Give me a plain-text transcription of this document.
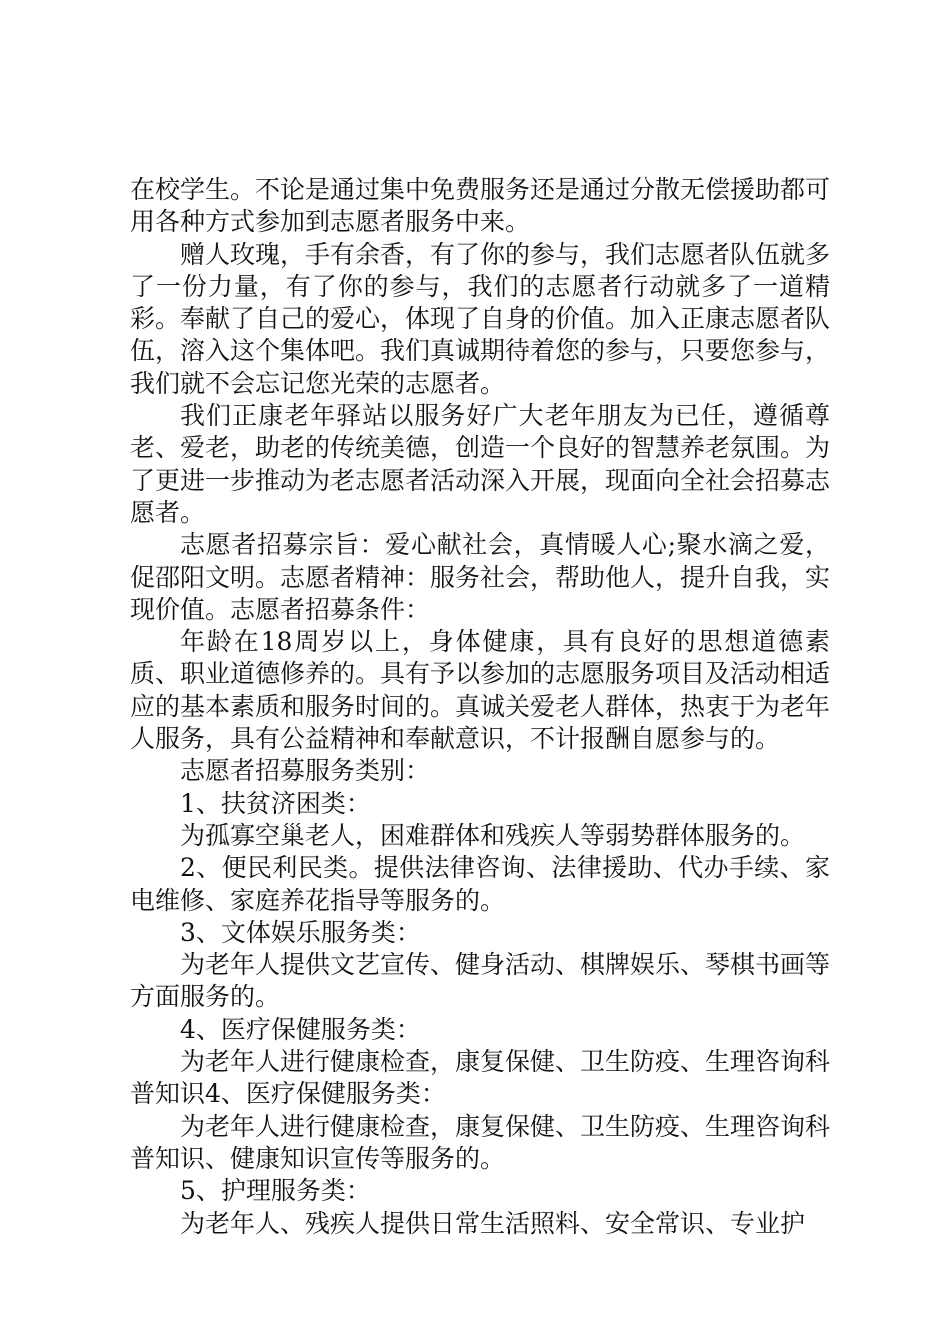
在校学生。不论是通过集中免费服务还是通过分散无偿援助都可用各种方式参加到志愿者服务中来。

赠人玫瑰，手有余香，有了你的参与，我们志愿者队伍就多了一份力量，有了你的参与，我们的志愿者行动就多了一道精彩。奉献了自己的爱心，体现了自身的价值。加入正康志愿者队伍，溶入这个集体吧。我们真诚期待着您的参与，只要您参与，我们就不会忘记您光荣的志愿者。

我们正康老年驿站以服务好广大老年朋友为已任，遵循尊老、爱老，助老的传统美德，创造一个良好的智慧养老氛围。为了更进一步推动为老志愿者活动深入开展，现面向全社会招募志愿者。

志愿者招募宗旨：爱心献社会，真情暖人心;聚水滴之爱，促邵阳文明。志愿者精神：服务社会，帮助他人，提升自我，实现价值。志愿者招募条件：

年龄在18周岁以上，身体健康，具有良好的思想道德素质、职业道德修养的。具有予以参加的志愿服务项目及活动相适应的基本素质和服务时间的。真诚关爱老人群体，热衷于为老年人服务，具有公益精神和奉献意识，不计报酬自愿参与的。

志愿者招募服务类别：

1、扶贫济困类：

为孤寡空巢老人，困难群体和残疾人等弱势群体服务的。

2、便民利民类。提供法律咨询、法律援助、代办手续、家电维修、家庭养花指导等服务的。

3、文体娱乐服务类：

为老年人提供文艺宣传、健身活动、棋牌娱乐、琴棋书画等方面服务的。

4、医疗保健服务类：

为老年人进行健康检查，康复保健、卫生防疫、生理咨询科普知识4、医疗保健服务类：

为老年人进行健康检查，康复保健、卫生防疫、生理咨询科普知识、健康知识宣传等服务的。

5、护理服务类：

为老年人、残疾人提供日常生活照料、安全常识、专业护
